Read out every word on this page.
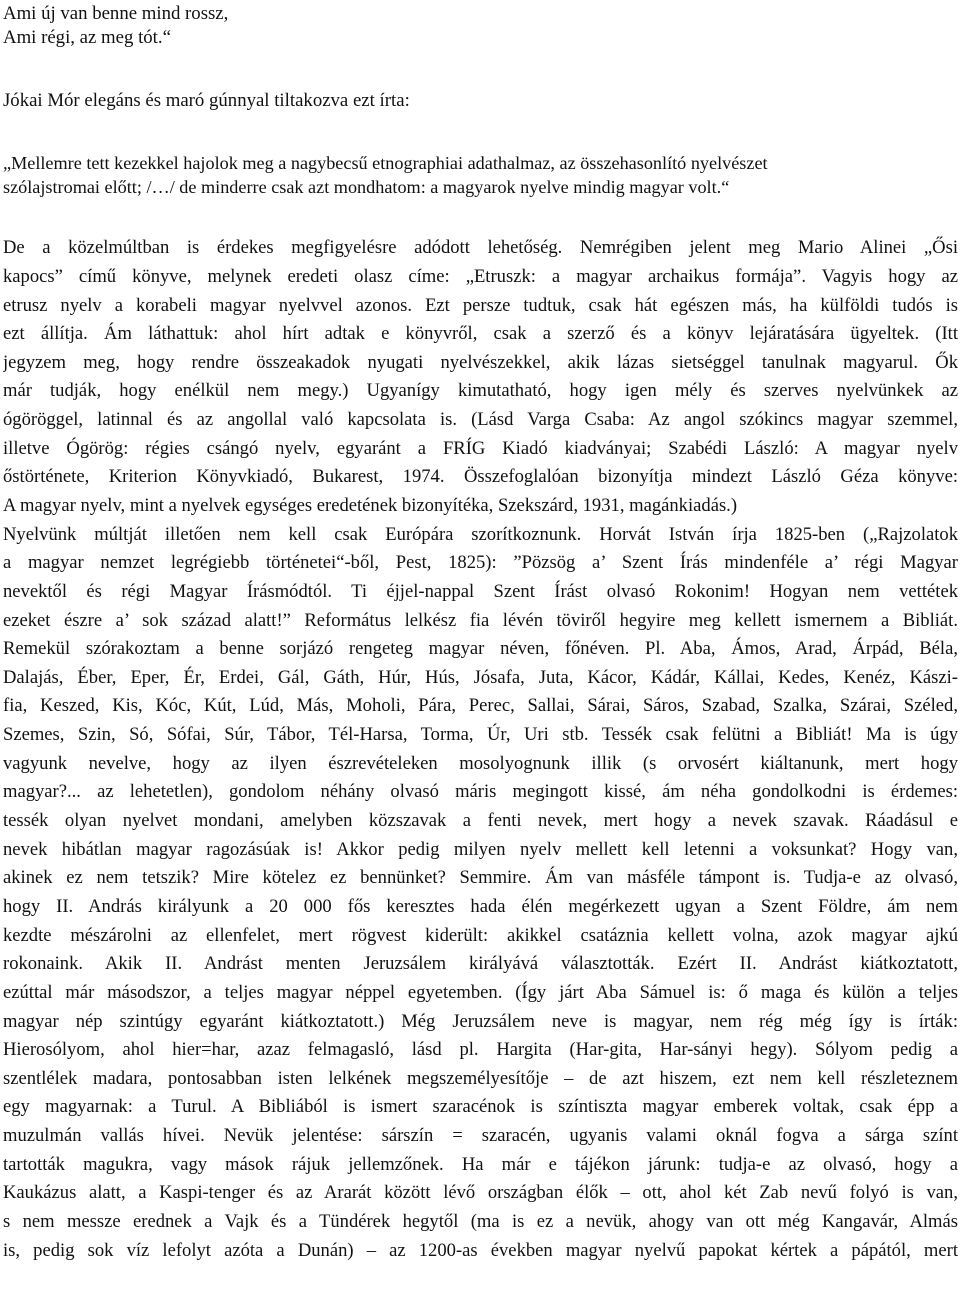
Ami új van benne mind rossz,
Ami régi, az meg tót.“
Jókai Mór elegáns és maró gúnnyal tiltakozva ezt írta:
„Mellemre tett kezekkel hajolok meg a nagybecsű etnographiai adathalmaz, az összehasonlító nyelvészet
szólajstromai előtt; /…/ de minderre csak azt mondhatom: a magyarok nyelve mindig magyar volt.“
De a közelmúltban is érdekes megfigyelésre adódott lehetőség. Nemrégiben jelent meg Mario Alinei „Ősi
kapocs” című könyve, melynek eredeti olasz címe: „Etruszk: a magyar archaikus formája”. Vagyis hogy az
etrusz nyelv a korabeli magyar nyelvvel azonos. Ezt persze tudtuk, csak hát egészen más, ha külföldi tudós is
ezt állítja. Ám láthattuk: ahol hírt adtak e könyvről, csak a szerző és a könyv lejáratására ügyeltek. (Itt
jegyzem meg, hogy rendre összeakadok nyugati nyelvészekkel, akik lázas sietséggel tanulnak magyarul. Ők
már tudják, hogy enélkül nem megy.) Ugyanígy kimutatható, hogy igen mély és szerves nyelvünkek az
ógöröggel, latinnal és az angollal való kapcsolata is. (Lásd Varga Csaba: Az angol szókincs magyar szemmel,
illetve Ógörög: régies csángó nyelv, egyaránt a FRÍG Kiadó kiadványai; Szabédi László: A magyar nyelv
őstörténete, Kriterion Könyvkiadó, Bukarest, 1974. Összefoglalóan bizonyítja mindezt László Géza könyve:
A magyar nyelv, mint a nyelvek egységes eredetének bizonyítéka, Szekszárd, 1931, magánkiadás.)
Nyelvünk múltját illetően nem kell csak Európára szorítkoznunk. Horvát István írja 1825-ben („Rajzolatok
a magyar nemzet legrégiebb történetei“-ből, Pest, 1825): ”Pözsög a’ Szent Írás mindenféle a’ régi Magyar
nevektől és régi Magyar Írásmódtól. Ti éjjel-nappal Szent Írást olvasó Rokonim! Hogyan nem vettétek
ezeket észre a’ sok század alatt!” Református lelkész fia lévén töviről hegyire meg kellett ismernem a Bibliát.
Remekül szórakoztam a benne sorjázó rengeteg magyar néven, főnéven. Pl. Aba, Ámos, Arad, Árpád, Béla,
Dalajás, Éber, Eper, Ér, Erdei, Gál, Gáth, Húr, Hús, Jósafa, Juta, Kácor, Kádár, Kállai, Kedes, Kenéz, Kászi-
fia, Keszed, Kis, Kóc, Kút, Lúd, Más, Moholi, Pára, Perec, Sallai, Sárai, Sáros, Szabad, Szalka, Szárai, Széled,
Szemes, Szin, Só, Sófai, Súr, Tábor, Tél-Harsa, Torma, Úr, Uri stb. Tessék csak felütni a Bibliát! Ma is úgy
vagyunk nevelve, hogy az ilyen észrevételeken mosolyognunk illik (s orvosért kiáltanunk, mert hogy
magyar?... az lehetetlen), gondolom néhány olvasó máris megingott kissé, ám néha gondolkodni is érdemes:
tessék olyan nyelvet mondani, amelyben közszavak a fenti nevek, mert hogy a nevek szavak. Ráadásul e
nevek hibátlan magyar ragozásúak is! Akkor pedig milyen nyelv mellett kell letenni a voksunkat? Hogy van,
akinek ez nem tetszik? Mire kötelez ez bennünket? Semmire. Ám van másféle támpont is. Tudja-e az olvasó,
hogy II. András királyunk a 20 000 fős keresztes hada élén megérkezett ugyan a Szent Földre, ám nem
kezdte mészárolni az ellenfelet, mert rögvest kiderült: akikkel csatáznia kellett volna, azok magyar ajkú
rokonaink. Akik II. Andrást menten Jeruzsálem királyává választották. Ezért II. Andrást kiátkoztatott,
ezúttal már másodszor, a teljes magyar néppel egyetemben. (Így járt Aba Sámuel is: ő maga és külön a teljes
magyar nép szintúgy egyaránt kiátkoztatott.) Még Jeruzsálem neve is magyar, nem rég még így is írták:
Hierosólyom, ahol hier=har, azaz felmagasló, lásd pl. Hargita (Har-gita, Har-sányi hegy). Sólyom pedig a
szentlélek madara, pontosabban isten lelkének megszemélyesítője – de azt hiszem, ezt nem kell részleteznem
egy magyarnak: a Turul. A Bibliából is ismert szaracénok is színtiszta magyar emberek voltak, csak épp a
muzulmán vallás hívei. Nevük jelentése: sárszín = szaracén, ugyanis valami oknál fogva a sárga színt
tartották magukra, vagy mások rájuk jellemzőnek. Ha már e tájékon járunk: tudja-e az olvasó, hogy a
Kaukázus alatt, a Kaspi-tenger és az Ararát között lévő országban élők – ott, ahol két Zab nevű folyó is van,
s nem messze erednek a Vajk és a Tündérek hegytől (ma is ez a nevük, ahogy van ott még Kangavár, Almás
is, pedig sok víz lefolyt azóta a Dunán) – az 1200-as években magyar nyelvű papokat kértek a pápától, mert
